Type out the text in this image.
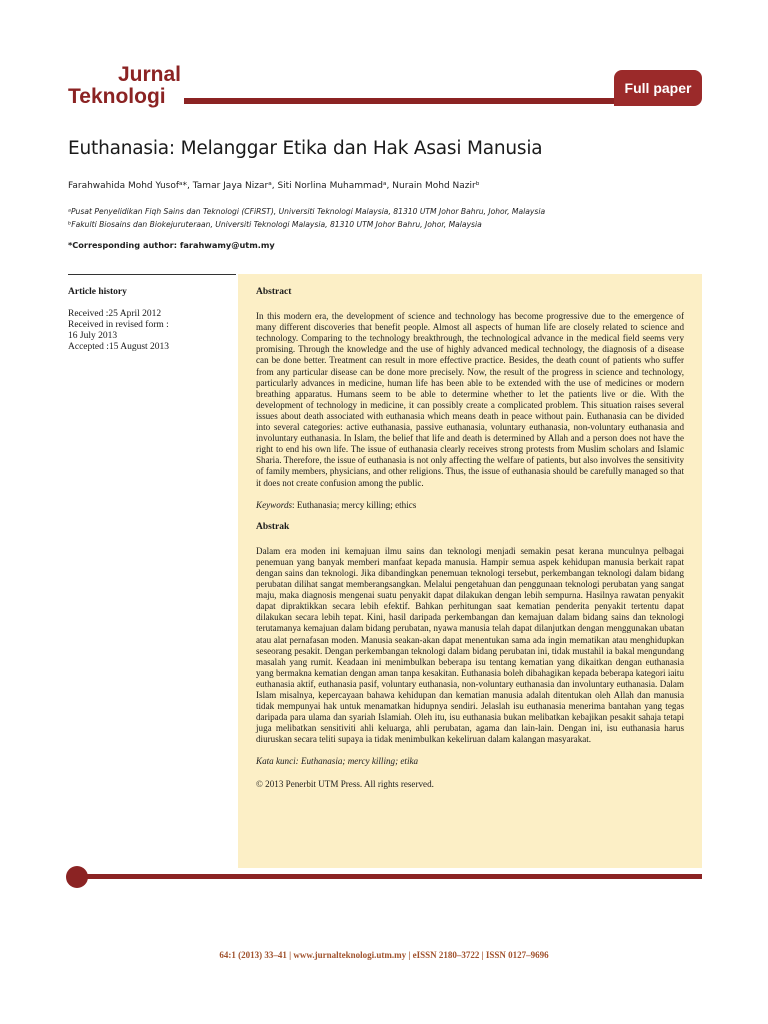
Jurnal
Teknologi	Full paper
Euthanasia: Melanggar Etika dan Hak Asasi Manusia
Farahwahida Mohd Yusofᵃ*, Tamar Jaya Nizarᵃ, Siti Norlina Muhammadᵃ, Nurain Mohd Nazirᵇ
ᵃPusat Penyelidikan Fiqh Sains dan Teknologi (CFiRST), Universiti Teknologi Malaysia, 81310 UTM Johor Bahru, Johor, Malaysia
ᵇFakulti Biosains dan Biokejuruteraan, Universiti Teknologi Malaysia, 81310 UTM Johor Bahru, Johor, Malaysia
*Corresponding author: farahwamy@utm.my
Article history

Received :25 April 2012

Received in revised form :

16 July 2013

Accepted :15 August 2013

Abstract

In this modern era, the development of science and technology has become progressive due to the emergence of many different discoveries that benefit people. Almost all aspects of human life are closely related to science and technology. Comparing to the technology breakthrough, the technological advance in the medical field seems very promising. Through the knowledge and the use of highly advanced medical technology, the diagnosis of a disease can be done better. Treatment can result in more effective practice. Besides, the death count of patients who suffer from any particular disease can be done more precisely. Now, the result of the progress in science and technology, particularly advances in medicine, human life has been able to be extended with the use of medicines or modern breathing apparatus. Humans seem to be able to determine whether to let the patients live or die. With the development of technology in medicine, it can possibly create a complicated problem. This situation raises several issues about death associated with euthanasia which means death in peace without pain. Euthanasia can be divided into several categories: active euthanasia, passive euthanasia, voluntary euthanasia, non-voluntary euthanasia and involuntary euthanasia. In Islam, the belief that life and death is determined by Allah and a person does not have the right to end his own life. The issue of euthanasia clearly receives strong protests from Muslim scholars and Islamic Sharia. Therefore, the issue of euthanasia is not only affecting the welfare of patients, but also involves the sensitivity of family members, physicians, and other religions. Thus, the issue of euthanasia should be carefully managed so that it does not create confusion among the public.

Keywords: Euthanasia; mercy killing; ethics

Abstrak

Dalam era moden ini kemajuan ilmu sains dan teknologi menjadi semakin pesat kerana munculnya pelbagai penemuan yang banyak memberi manfaat kepada manusia. Hampir semua aspek kehidupan manusia berkait rapat dengan sains dan teknologi. Jika dibandingkan penemuan teknologi tersebut, perkembangan teknologi dalam bidang perubatan dilihat sangat memberangsangkan. Melalui pengetahuan dan penggunaan teknologi perubatan yang sangat maju, maka diagnosis mengenai suatu penyakit dapat dilakukan dengan lebih sempurna. Hasilnya rawatan penyakit dapat dipraktikkan secara lebih efektif. Bahkan perhitungan saat kematian penderita penyakit tertentu dapat dilakukan secara lebih tepat. Kini, hasil daripada perkembangan dan kemajuan dalam bidang sains dan teknologi terutamanya kemajuan dalam bidang perubatan, nyawa manusia telah dapat dilanjutkan dengan menggunakan ubatan atau alat pernafasan moden. Manusia seakan-akan dapat menentukan sama ada ingin mematikan atau menghidupkan seseorang pesakit. Dengan perkembangan teknologi dalam bidang perubatan ini, tidak mustahil ia bakal mengundang masalah yang rumit. Keadaan ini menimbulkan beberapa isu tentang kematian yang dikaitkan dengan euthanasia yang bermakna kematian dengan aman tanpa kesakitan. Euthanasia boleh dibahagikan kepada beberapa kategori iaitu euthanasia aktif, euthanasia pasif, voluntary euthanasia, non-voluntary euthanasia dan involuntary euthanasia. Dalam Islam misalnya, kepercayaan bahawa kehidupan dan kematian manusia adalah ditentukan oleh Allah dan manusia tidak mempunyai hak untuk menamatkan hidupnya sendiri. Jelaslah isu euthanasia menerima bantahan yang tegas daripada para ulama dan syariah Islamiah. Oleh itu, isu euthanasia bukan melibatkan kebajikan pesakit sahaja tetapi juga melibatkan sensitiviti ahli keluarga, ahli perubatan, agama dan lain-lain. Dengan ini, isu euthanasia harus diuruskan secara teliti supaya ia tidak menimbulkan kekeliruan dalam kalangan masyarakat.

Kata kunci: Euthanasia; mercy killing; etika

© 2013 Penerbit UTM Press. All rights reserved.

64:1 (2013) 33–41 | www.jurnalteknologi.utm.my | eISSN 2180–3722 | ISSN 0127–9696
